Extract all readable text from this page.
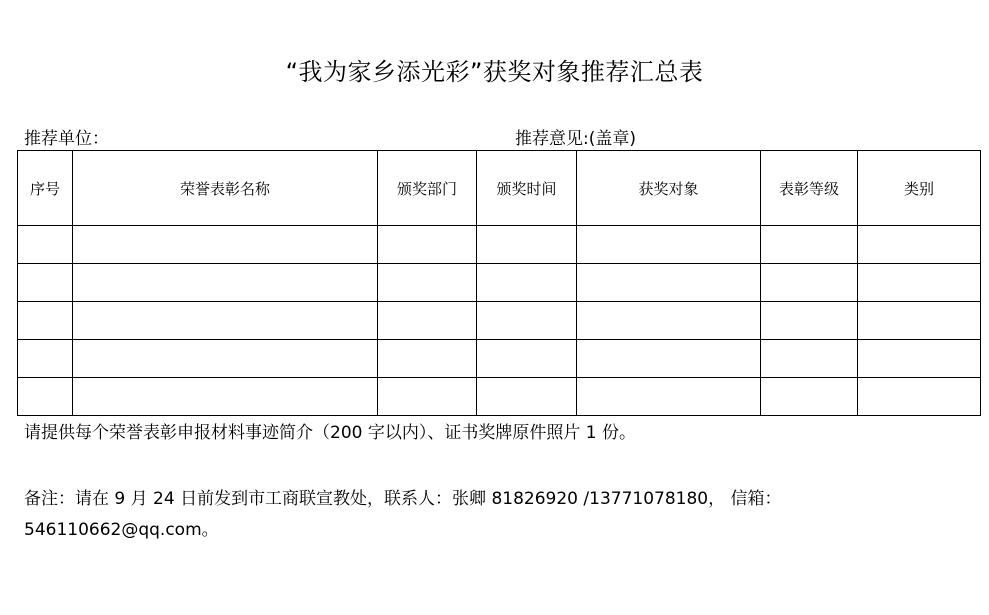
“我为家乡添光彩”获奖对象推荐汇总表
推荐单位：	推荐意见:(盖章)
序号	荣誉表彰名称	颁奖部门	颁奖时间	获奖对象	表彰等级	类别

请提供每个荣誉表彰申报材料事迹简介（200 字以内）、证书奖牌原件照片 1 份。
备注：请在 9 月 24 日前发到市工商联宣教处，联系人：张卿 81826920 /13771078180， 信箱：
546110662@qq.com。
